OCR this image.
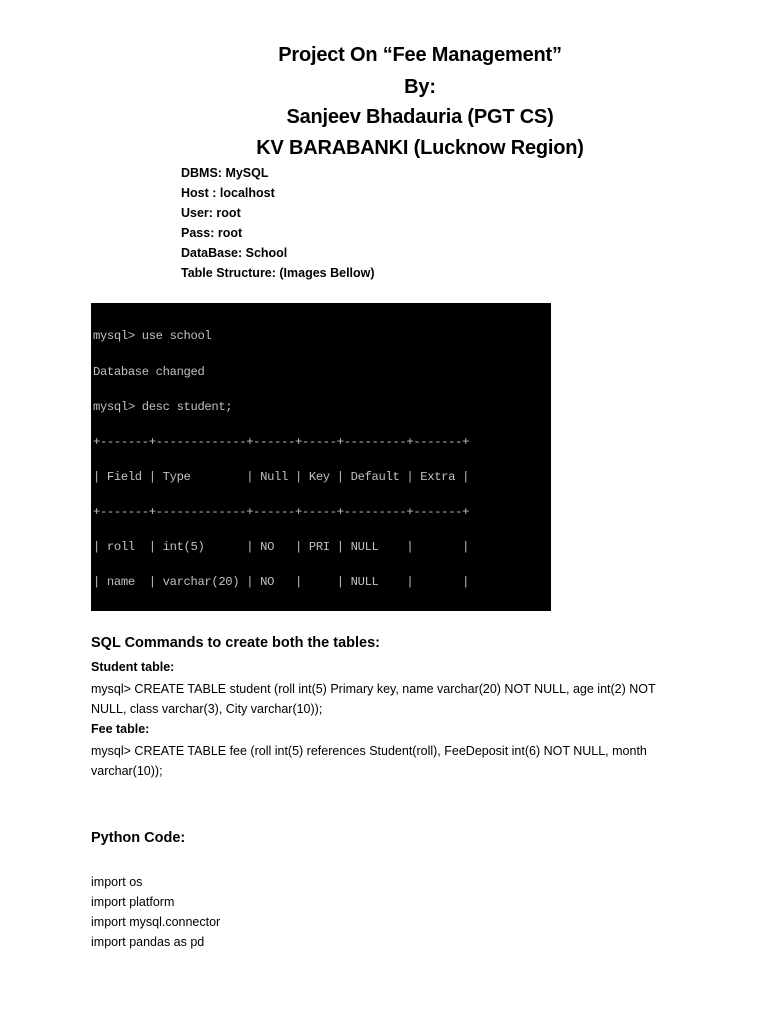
Project On “Fee Management”
By:
Sanjeev Bhadauria (PGT CS)
KV BARABANKI (Lucknow Region)
DBMS: MySQL
Host : localhost
User: root
Pass: root
DataBase: School
Table Structure: (Images Bellow)

mysql> use school

Database changed

mysql> desc student;

+-------+-------------+------+-----+---------+-------+

| Field | Type        | Null | Key | Default | Extra |

+-------+-------------+------+-----+---------+-------+

| roll  | int(5)      | NO   | PRI | NULL    |       |

| name  | varchar(20) | NO   |     | NULL    |       |

SQL Commands to create both the tables:
Student table:
mysql> CREATE TABLE student (roll int(5) Primary key, name varchar(20) NOT NULL, age int(2) NOT NULL, class varchar(3), City varchar(10));
Fee table:
mysql> CREATE TABLE fee (roll int(5) references Student(roll), FeeDeposit int(6) NOT NULL, month varchar(10));
Python Code:
import os
import platform
import mysql.connector
import pandas as pd
